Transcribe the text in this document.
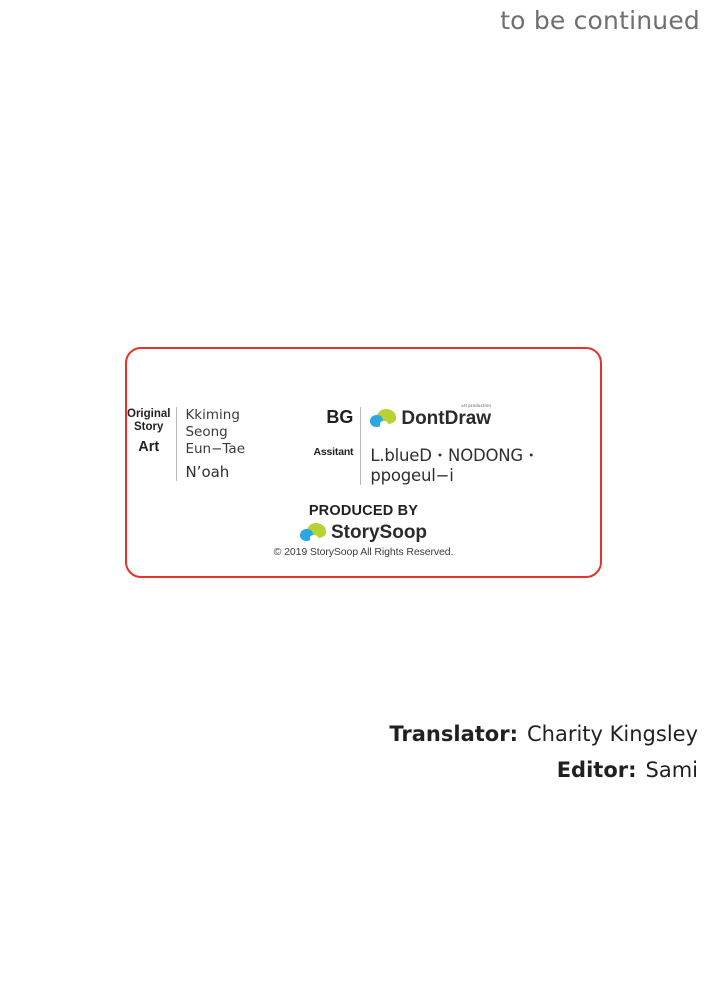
to be continued
Original
Story
Art
Kkiming
Seong Eun−Tae
N’oah
BG
Assitant
DontDraw
art production
L.blueD・NODONG・ppogeul−i
PRODUCED BY
StorySoop
© 2019 StorySoop All Rights Reserved.
Translator: Charity Kingsley
Editor: Sami
